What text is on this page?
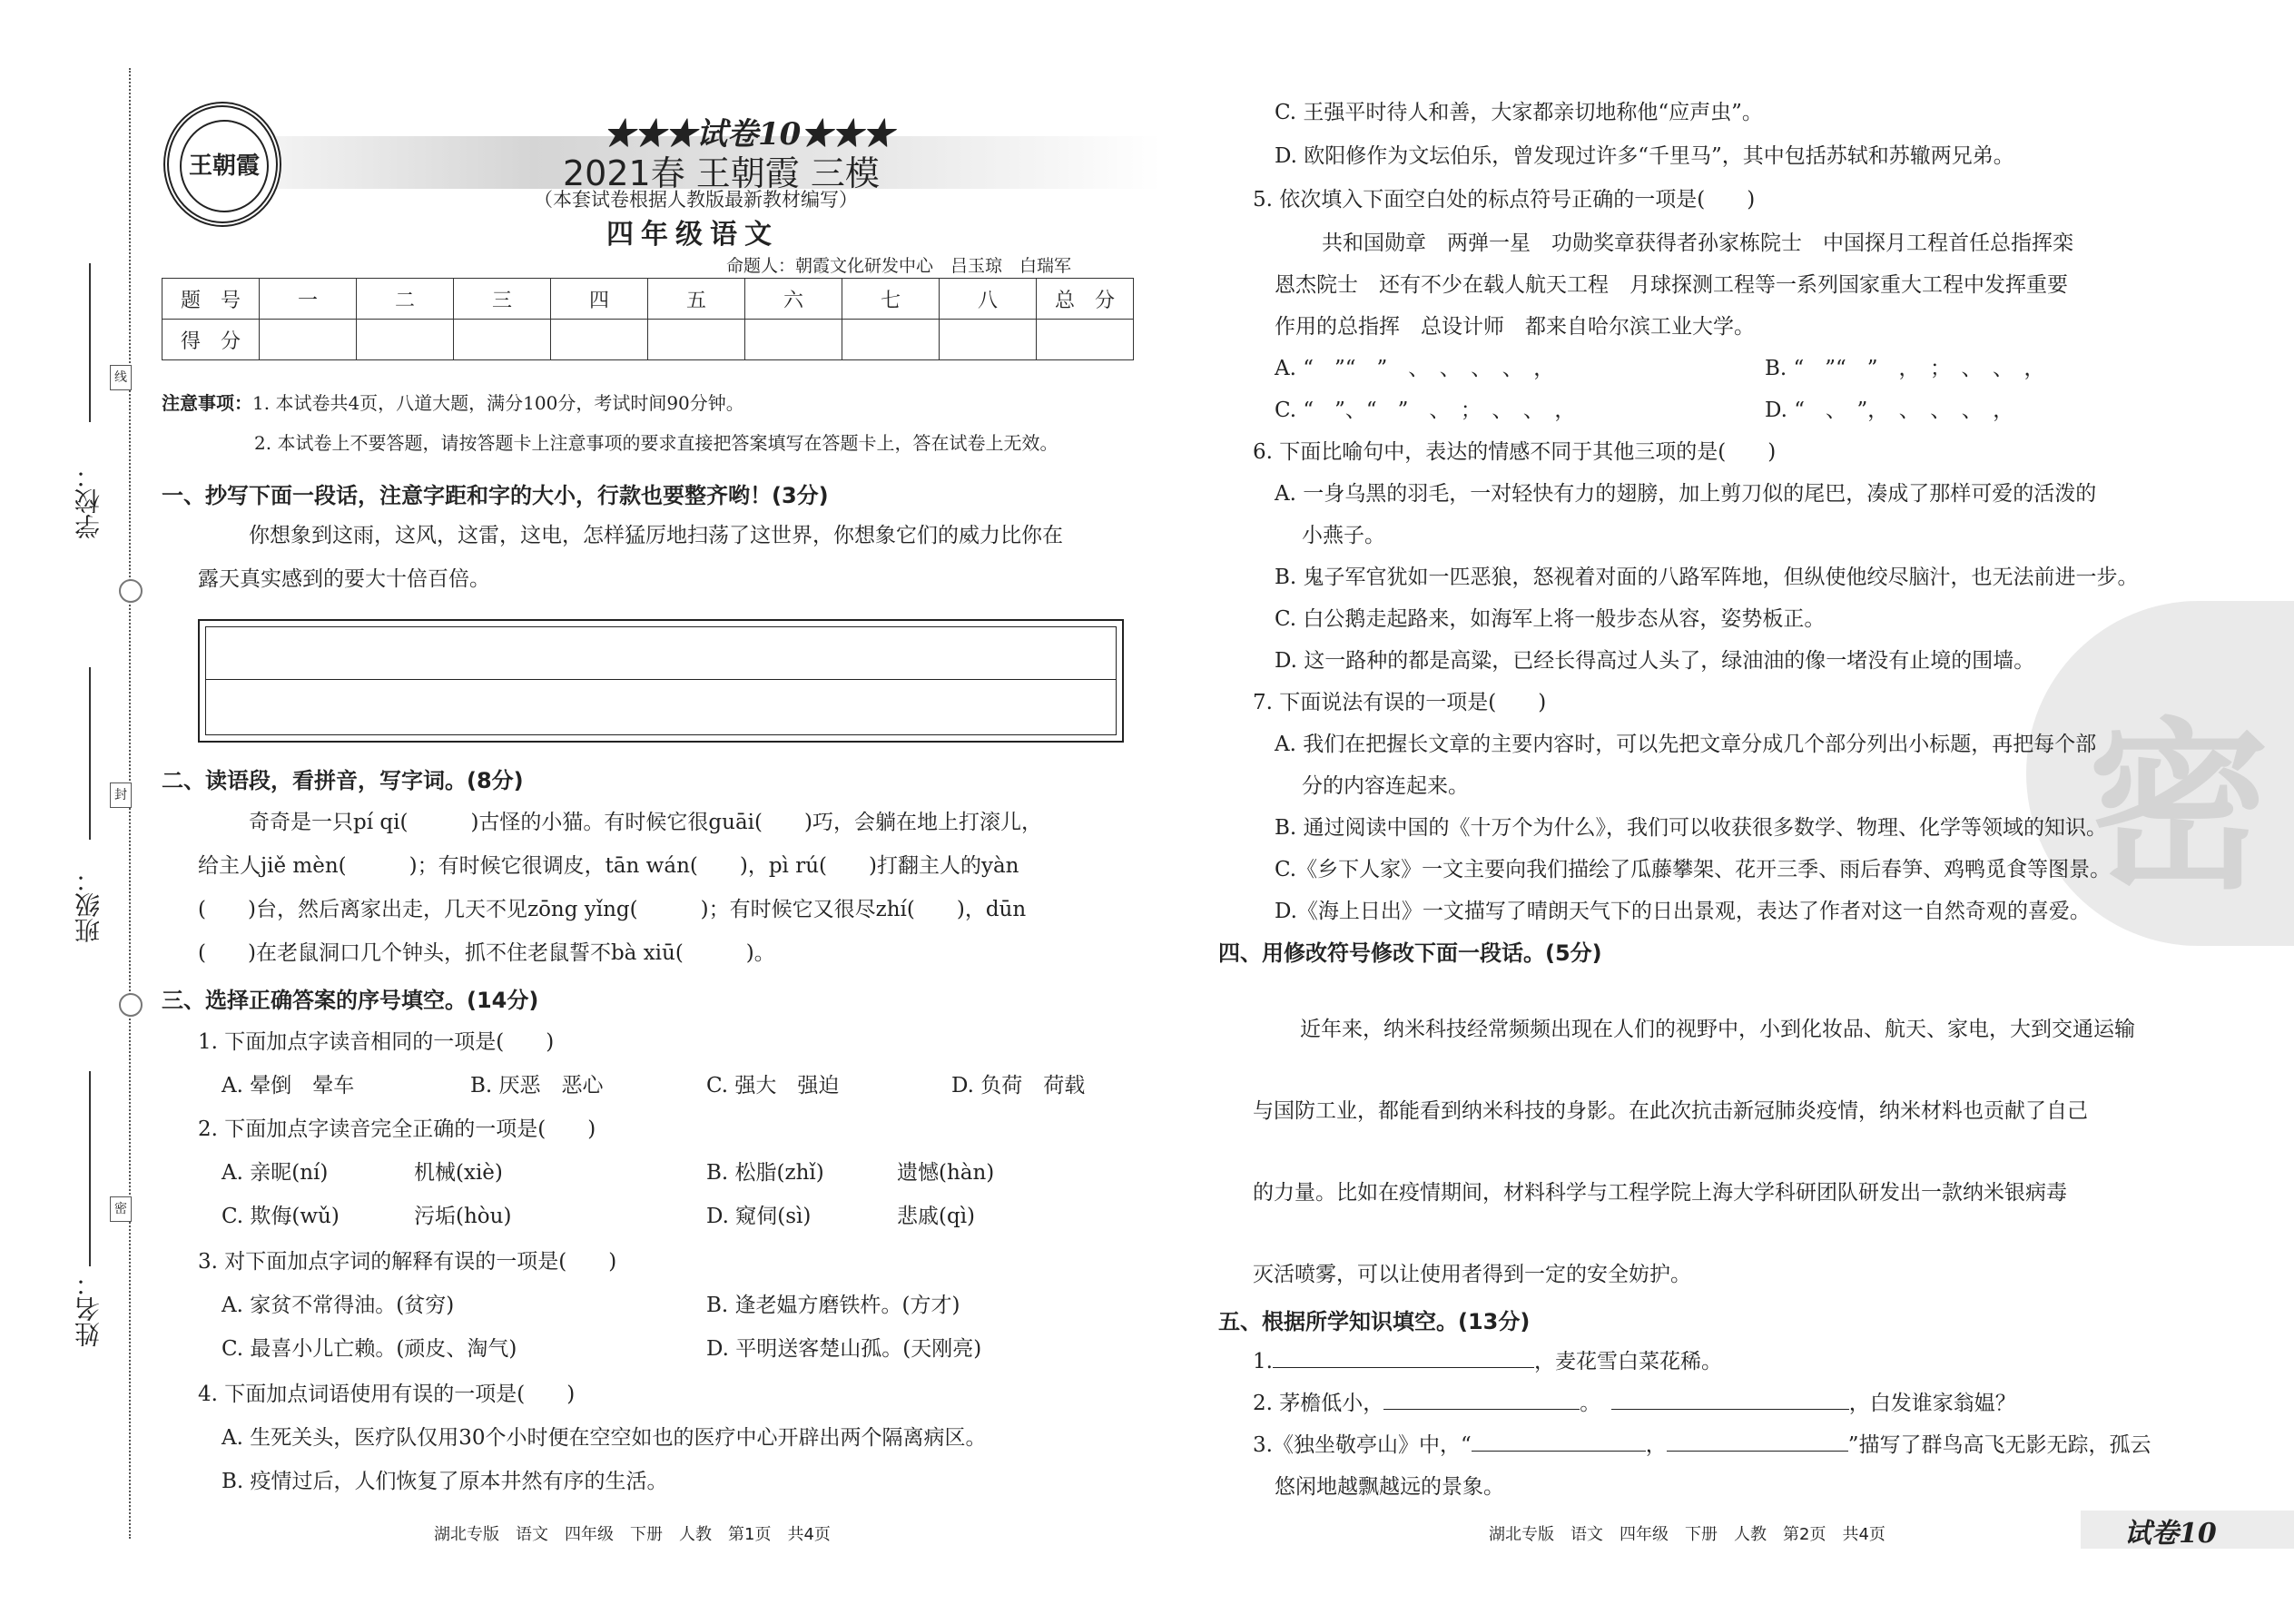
线
封
密
学校：
班级：
姓名：
王朝霞
★★★试卷10★★★
2021春 王朝霞 三模
（本套试卷根据人教版最新教材编写）
四年级语文
命题人：朝霞文化研发中心　吕玉琼　白瑞军
题　号	一	二	三	四	五	六	七	八	总　分
得　分									
注意事项：1. 本试卷共4页，八道大题，满分100分，考试时间90分钟。
2. 本试卷上不要答题，请按答题卡上注意事项的要求直接把答案填写在答题卡上，答在试卷上无效。
一、抄写下面一段话，注意字距和字的大小，行款也要整齐哟！(3分)
你想象到这雨，这风，这雷，这电，怎样猛厉地扫荡了这世界，你想象它们的威力比你在
露天真实感到的要大十倍百倍。
二、读语段，看拼音，写字词。(8分)
奇奇是一只pí qi(　　　)古怪的小猫。有时候它很guāi(　　)巧，会躺在地上打滚儿，
给主人jiě mèn(　　　)；有时候它很调皮，tān wán(　　)，pì rú(　　)打翻主人的yàn
(　　)台，然后离家出走，几天不见zōng yǐng(　　　)；有时候它又很尽zhí(　　)，dūn
(　　)在老鼠洞口几个钟头，抓不住老鼠誓不bà xiū(　　　)。
三、选择正确答案的序号填空。(14分)
1. 下面加点字读音相同的一项是(　　)
A. 晕倒　晕车	B. 厌恶　恶心	C. 强大　强迫	D. 负荷　荷载
2. 下面加点字读音完全正确的一项是(　　)
A. 亲昵(ní)	机械(xiè)	B. 松脂(zhǐ)	遗憾(hàn)
C. 欺侮(wǔ)	污垢(hòu)	D. 窥伺(sì)	悲戚(qì)
3. 对下面加点字词的解释有误的一项是(　　)
A. 家贫不常得油。(贫穷)	B. 逢老媪方磨铁杵。(方才)
C. 最喜小儿亡赖。(顽皮、淘气)	D. 平明送客楚山孤。(天刚亮)
4. 下面加点词语使用有误的一项是(　　)
A. 生死关头，医疗队仅用30个小时便在空空如也的医疗中心开辟出两个隔离病区。
B. 疫情过后，人们恢复了原本井然有序的生活。
湖北专版　语文　四年级　下册　人教　第1页　共4页
密
C. 王强平时待人和善，大家都亲切地称他“应声虫”。
D. 欧阳修作为文坛伯乐，曾发现过许多“千里马”，其中包括苏轼和苏辙两兄弟。
5. 依次填入下面空白处的标点符号正确的一项是(　　)
共和国勋章　两弹一星　功勋奖章获得者孙家栋院士　中国探月工程首任总指挥栾
恩杰院士　还有不少在载人航天工程　月球探测工程等一系列国家重大工程中发挥重要
作用的总指挥　总设计师　都来自哈尔滨工业大学。
A. “　”“　”　、　、　、　、　，	B. “　”“　”　，　；　、　、　，
C. “　”、“　”　、　；　、　、　，	D. “　、　”，　、　、　、　，
6. 下面比喻句中，表达的情感不同于其他三项的是(　　)
A. 一身乌黑的羽毛，一对轻快有力的翅膀，加上剪刀似的尾巴，凑成了那样可爱的活泼的
小燕子。
B. 鬼子军官犹如一匹恶狼，怒视着对面的八路军阵地，但纵使他绞尽脑汁，也无法前进一步。
C. 白公鹅走起路来，如海军上将一般步态从容，姿势板正。
D. 这一路种的都是高粱，已经长得高过人头了，绿油油的像一堵没有止境的围墙。
7. 下面说法有误的一项是(　　)
A. 我们在把握长文章的主要内容时，可以先把文章分成几个部分列出小标题，再把每个部
分的内容连起来。
B. 通过阅读中国的《十万个为什么》，我们可以收获很多数学、物理、化学等领域的知识。
C.《乡下人家》一文主要向我们描绘了瓜藤攀架、花开三季、雨后春笋、鸡鸭觅食等图景。
D.《海上日出》一文描写了晴朗天气下的日出景观，表达了作者对这一自然奇观的喜爱。
四、用修改符号修改下面一段话。(5分)
近年来，纳米科技经常频频出现在人们的视野中，小到化妆品、航天、家电，大到交通运输
与国防工业，都能看到纳米科技的身影。在此次抗击新冠肺炎疫情，纳米材料也贡献了自己
的力量。比如在疫情期间，材料科学与工程学院上海大学科研团队研发出一款纳米银病毒
灭活喷雾，可以让使用者得到一定的安全妨护。
五、根据所学知识填空。(13分)
1.	，麦花雪白菜花稀。
2. 茅檐低小，	。　	，白发谁家翁媪？
3.《独坐敬亭山》中，“	，	”描写了群鸟高飞无影无踪，孤云
悠闲地越飘越远的景象。
湖北专版　语文　四年级　下册　人教　第2页　共4页	试卷10
